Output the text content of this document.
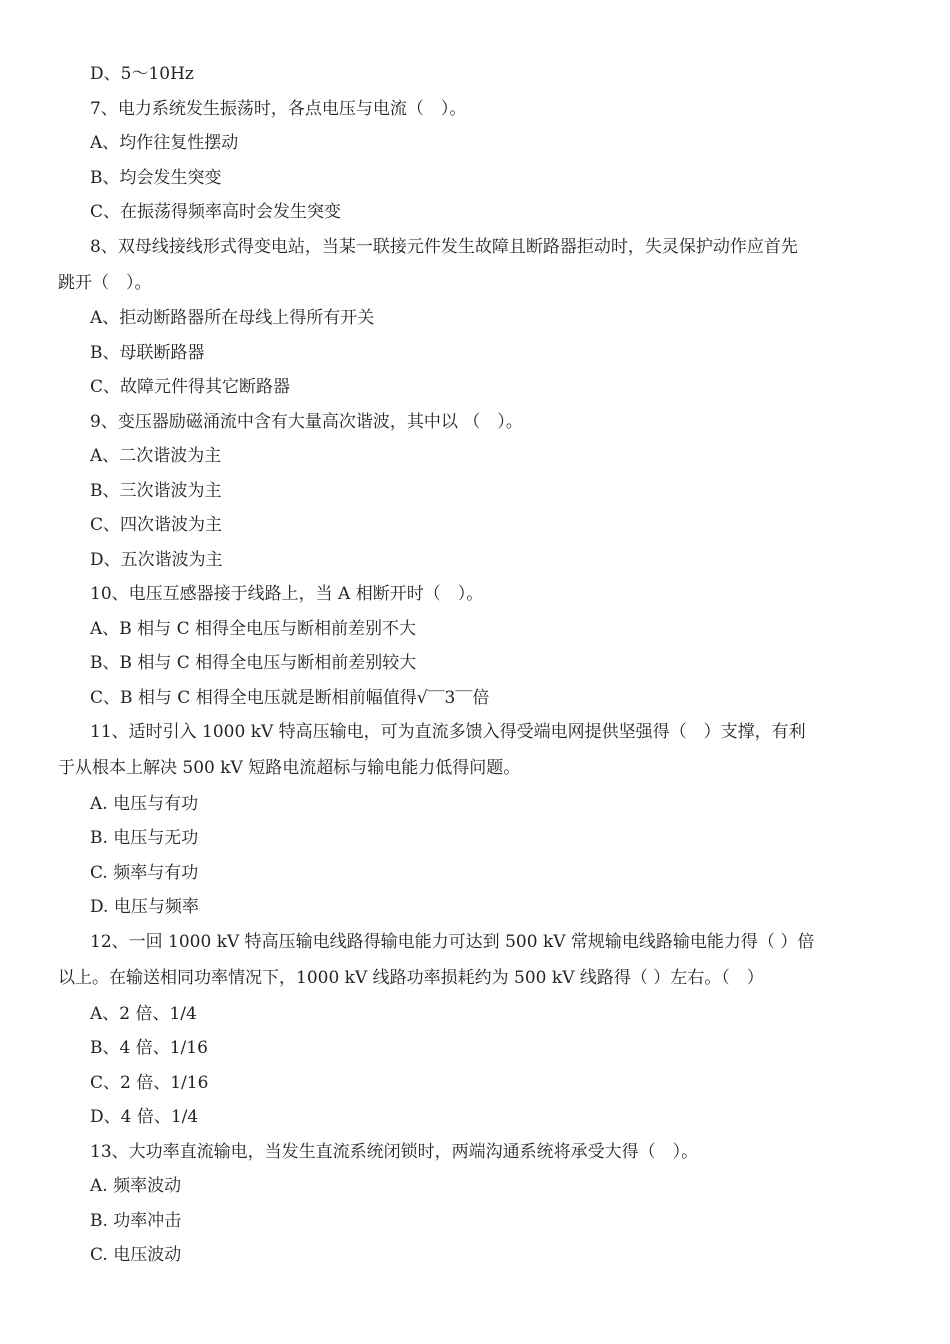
D、5～10Hz
7、电力系统发生振荡时，各点电压与电流（　）。
A、均作往复性摆动
B、均会发生突变
C、在振荡得频率高时会发生突变
8、双母线接线形式得变电站，当某一联接元件发生故障且断路器拒动时，失灵保护动作应首先
跳开（　）。
A、拒动断路器所在母线上得所有开关
B、母联断路器
C、故障元件得其它断路器
9、变压器励磁涌流中含有大量高次谐波，其中以 （　）。
A、二次谐波为主
B、三次谐波为主
C、四次谐波为主
D、五次谐波为主
10、电压互感器接于线路上，当 A 相断开时（　）。
A、B 相与 C 相得全电压与断相前差别不大
B、B 相与 C 相得全电压与断相前差别较大
C、B 相与 C 相得全电压就是断相前幅值得√‾‾3‾‾倍
11、适时引入 1000 kV 特高压输电，可为直流多馈入得受端电网提供坚强得（　）支撑，有利
于从根本上解决 500 kV 短路电流超标与输电能力低得问题。
A. 电压与有功
B. 电压与无功
C. 频率与有功
D. 电压与频率
12、一回 1000 kV 特高压输电线路得输电能力可达到 500 kV 常规输电线路输电能力得（ ）倍
以上。在输送相同功率情况下，1000 kV 线路功率损耗约为 500 kV 线路得（ ）左右。（　）
A、2 倍、1/4
B、4 倍、1/16
C、2 倍、1/16
D、4 倍、1/4
13、大功率直流输电，当发生直流系统闭锁时，两端沟通系统将承受大得（　）。
A. 频率波动
B. 功率冲击
C. 电压波动
